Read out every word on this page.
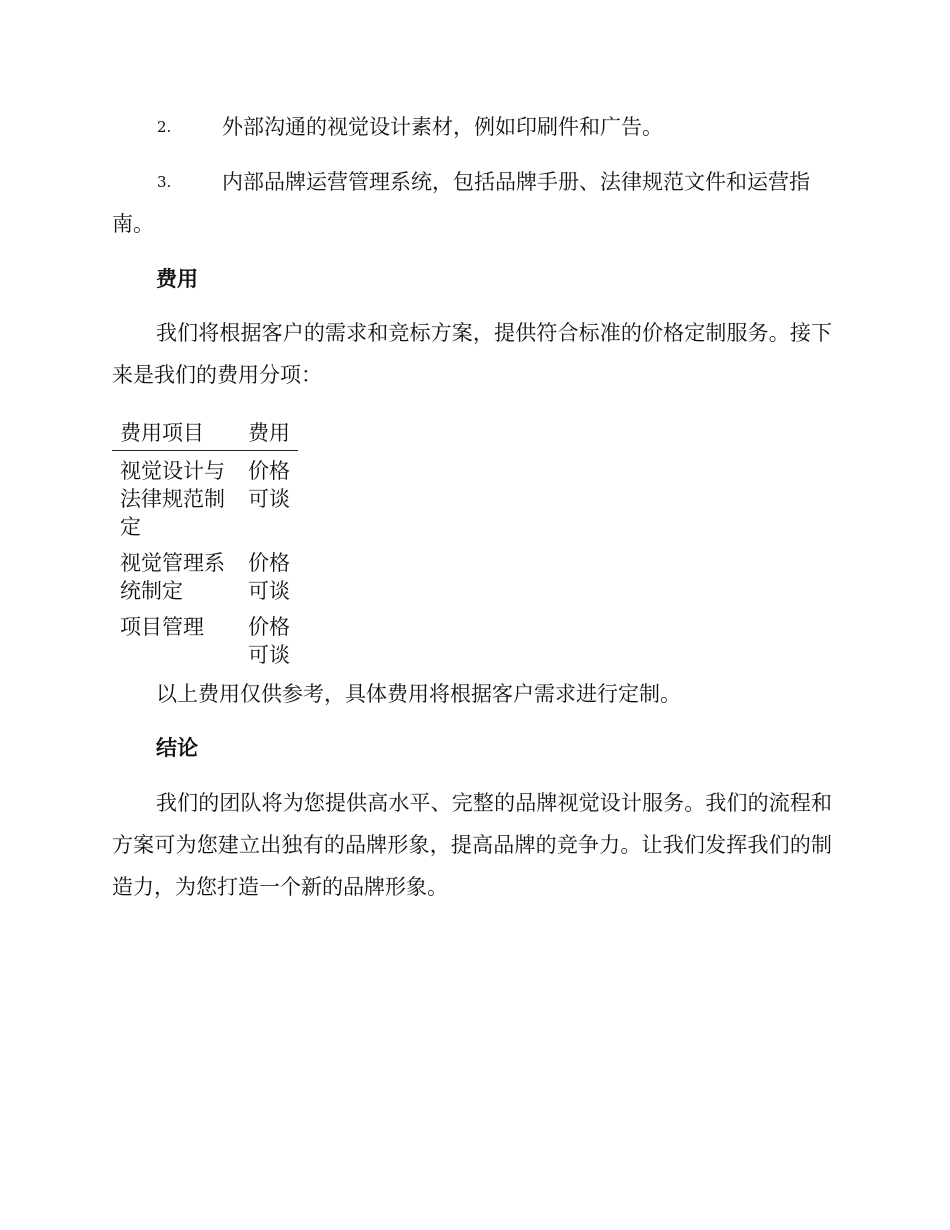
2. 外部沟通的视觉设计素材，例如印刷件和广告。
3. 内部品牌运营管理系统，包括品牌手册、法律规范文件和运营指南。
费用
我们将根据客户的需求和竞标方案，提供符合标准的价格定制服务。接下来是我们的费用分项：
费用项目	费用
视觉设计与法律规范制定	价格可谈
视觉管理系统制定	价格可谈
项目管理	价格可谈
以上费用仅供参考，具体费用将根据客户需求进行定制。
结论
我们的团队将为您提供高水平、完整的品牌视觉设计服务。我们的流程和方案可为您建立出独有的品牌形象，提高品牌的竞争力。让我们发挥我们的制造力，为您打造一个新的品牌形象。
